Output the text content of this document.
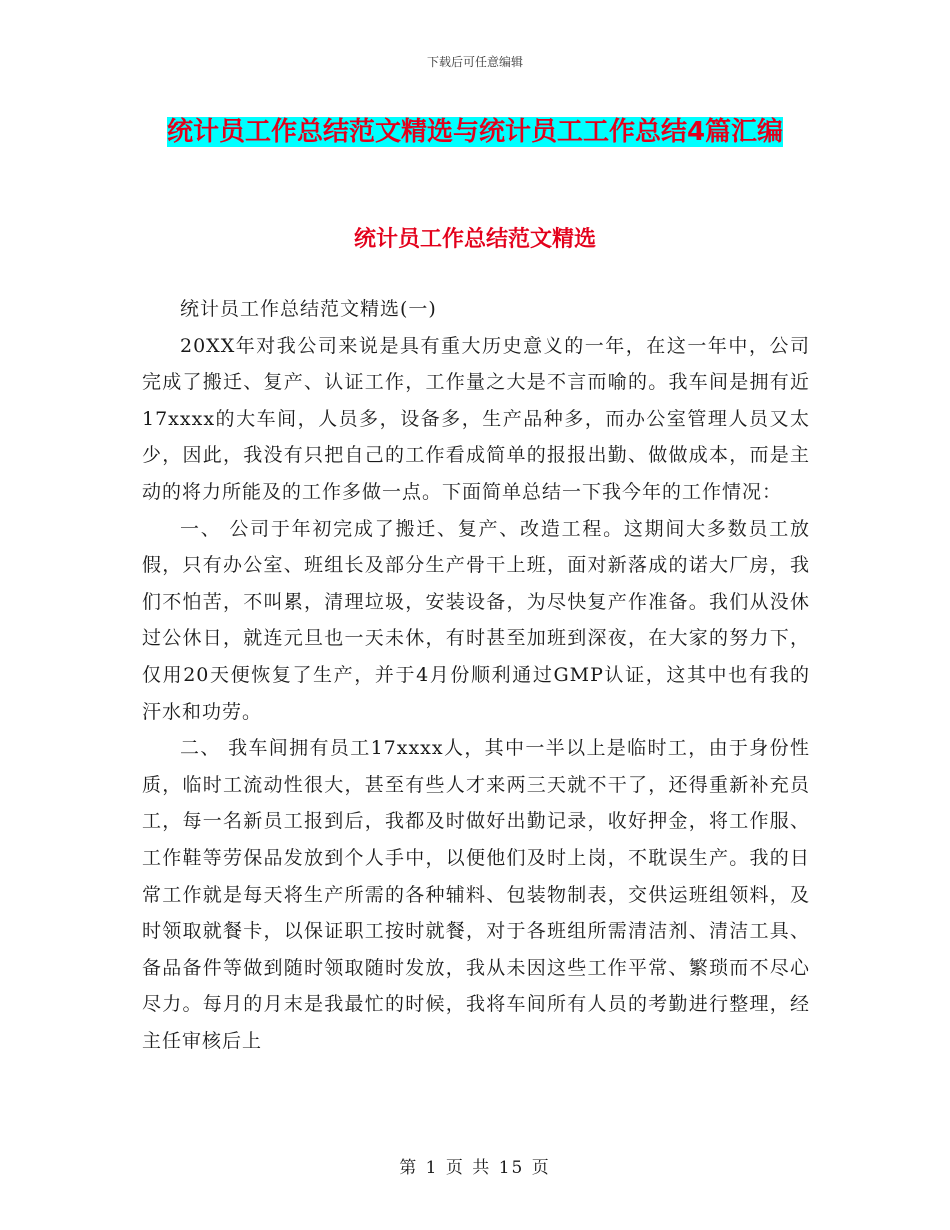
下载后可任意编辑
统计员工作总结范文精选与统计员工工作总结4篇汇编
统计员工作总结范文精选

统计员工作总结范文精选(一)

20XX年对我公司来说是具有重大历史意义的一年，在这一年中，公司完成了搬迁、复产、认证工作，工作量之大是不言而喻的。我车间是拥有近17xxxx的大车间，人员多，设备多，生产品种多，而办公室管理人员又太少，因此，我没有只把自己的工作看成简单的报报出勤、做做成本，而是主动的将力所能及的工作多做一点。下面简单总结一下我今年的工作情况：

一、 公司于年初完成了搬迁、复产、改造工程。这期间大多数员工放假，只有办公室、班组长及部分生产骨干上班，面对新落成的诺大厂房，我们不怕苦，不叫累，清理垃圾，安装设备，为尽快复产作准备。我们从没休过公休日，就连元旦也一天未休，有时甚至加班到深夜，在大家的努力下，仅用20天便恢复了生产，并于4月份顺利通过GMP认证，这其中也有我的汗水和功劳。

二、 我车间拥有员工17xxxx人，其中一半以上是临时工，由于身份性质，临时工流动性很大，甚至有些人才来两三天就不干了，还得重新补充员工，每一名新员工报到后，我都及时做好出勤记录，收好押金，将工作服、工作鞋等劳保品发放到个人手中，以便他们及时上岗，不耽误生产。我的日常工作就是每天将生产所需的各种辅料、包装物制表，交供运班组领料，及时领取就餐卡，以保证职工按时就餐，对于各班组所需清洁剂、清洁工具、备品备件等做到随时领取随时发放，我从未因这些工作平常、繁琐而不尽心尽力。每月的月末是我最忙的时候，我将车间所有人员的考勤进行整理，经主任审核后上

第 1 页 共 15 页
